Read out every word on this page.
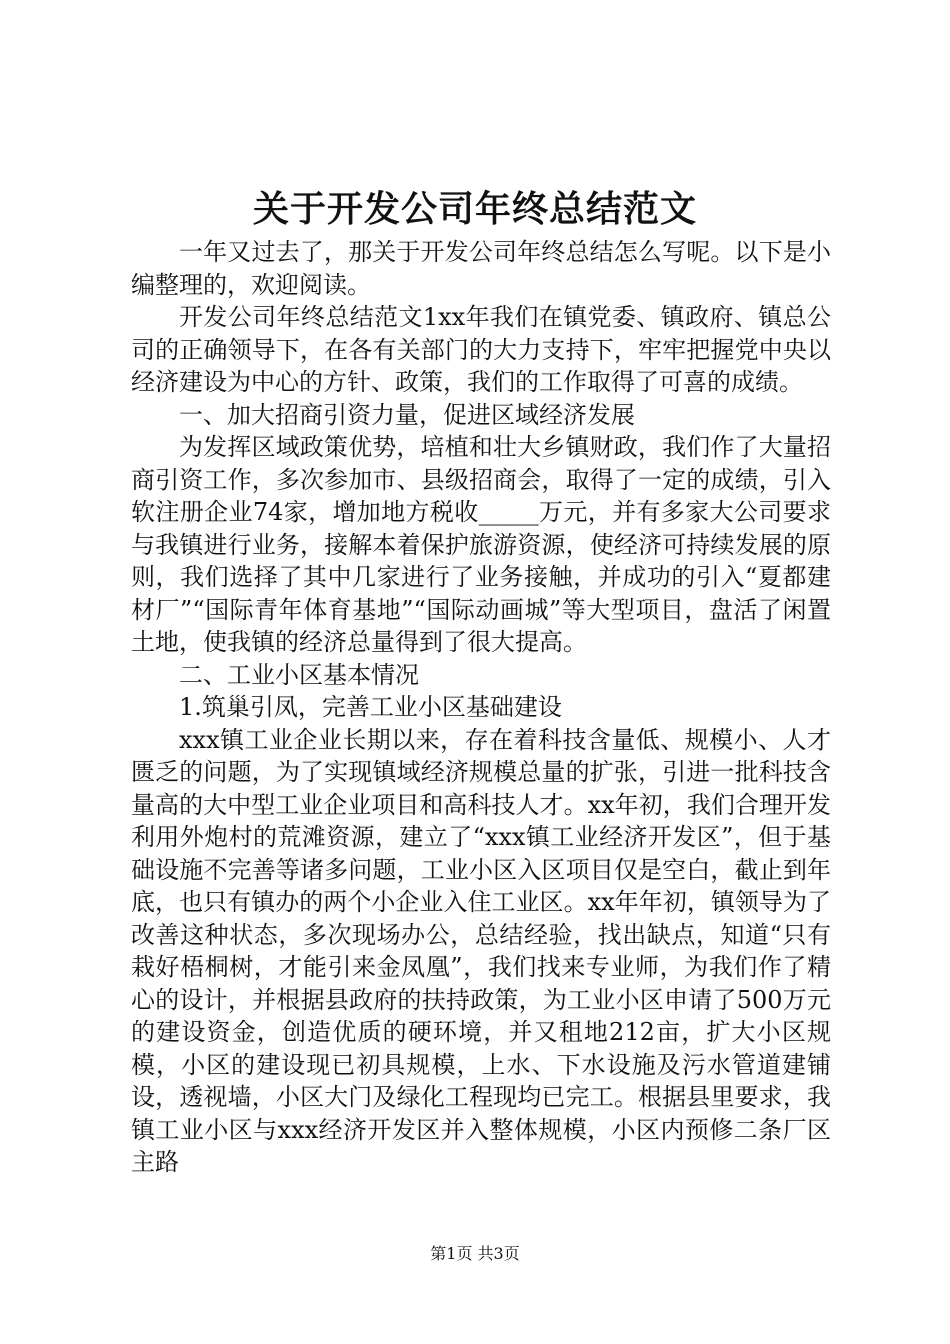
关于开发公司年终总结范文

一年又过去了，那关于开发公司年终总结怎么写呢。以下是小编整理的，欢迎阅读。

开发公司年终总结范文1xx年我们在镇党委、镇政府、镇总公司的正确领导下，在各有关部门的大力支持下，牢牢把握党中央以经济建设为中心的方针、政策，我们的工作取得了可喜的成绩。

一、加大招商引资力量，促进区域经济发展

为发挥区域政策优势，培植和壮大乡镇财政，我们作了大量招商引资工作，多次参加市、县级招商会，取得了一定的成绩，引入软注册企业74家，增加地方税收_____万元，并有多家大公司要求与我镇进行业务，接解本着保护旅游资源，使经济可持续发展的原则，我们选择了其中几家进行了业务接触，并成功的引入“夏都建材厂”“国际青年体育基地”“国际动画城”等大型项目，盘活了闲置土地，使我镇的经济总量得到了很大提高。

二、工业小区基本情况

1.筑巢引凤，完善工业小区基础建设

xxx镇工业企业长期以来，存在着科技含量低、规模小、人才匮乏的问题，为了实现镇域经济规模总量的扩张，引进一批科技含量高的大中型工业企业项目和高科技人才。xx年初，我们合理开发利用外炮村的荒滩资源，建立了“xxx镇工业经济开发区”，但于基础设施不完善等诸多问题，工业小区入区项目仅是空白，截止到年底，也只有镇办的两个小企业入住工业区。xx年年初，镇领导为了改善这种状态，多次现场办公，总结经验，找出缺点，知道“只有栽好梧桐树，才能引来金凤凰”，我们找来专业师，为我们作了精心的设计，并根据县政府的扶持政策，为工业小区申请了500万元的建设资金，创造优质的硬环境，并又租地212亩，扩大小区规模，小区的建设现已初具规模，上水、下水设施及污水管道建铺设，透视墙，小区大门及绿化工程现均已完工。根据县里要求，我镇工业小区与xxx经济开发区并入整体规模，小区内预修二条厂区主路

第1页 共3页
